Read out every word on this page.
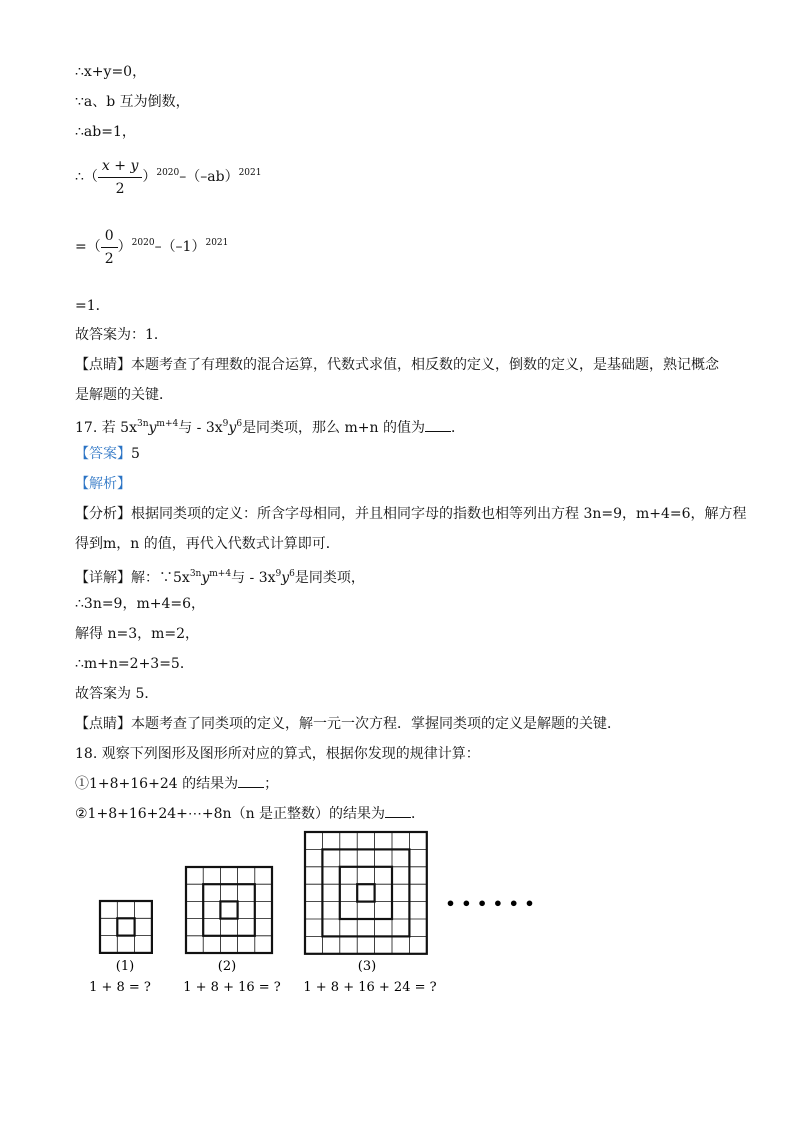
∴x+y=0，
∵a、b 互为倒数，
∴ab=1，
∴（ $\frac{x + y}{2} )^{2020}-(-ab)^{2021}$
=（ $\frac{0}{2} )^{2020}-(-1)^{2021}$
=1．
故答案为：1．
【点睛】本题考查了有理数的混合运算，代数式求值，相反数的定义，倒数的定义，是基础题，熟记概念
是解题的关键．
17. 若 $5x^{3n}y^{m+4}$与 - $3x^9y^6$是同类项，那么 m+n 的值为 ．
【答案】5
【解析】
【分析】根据同类项的定义：所含字母相同，并且相同字母的指数也相等列出方程 3n=9，m+4=6，解方程
得到m，n 的值，再代入代数式计算即可．
【详解】解：$\because 5x^{3n}y^{m+4}$与 - $3x^9y^6$是同类项，
∴3n=9，m+4=6，
解得 n=3，m=2，
∴m+n=2+3=5．
故答案为 5．
【点睛】本题考查了同类项的定义，解一元一次方程．掌握同类项的定义是解题的关键．
18. 观察下列图形及图形所对应的算式，根据你发现的规律计算：
①1+8+16+24 的结果为 ；
②1+8+16+24+⋯+8n（n 是正整数）的结果为 ．
(1)	(2)	(3)
1 + 8 = ? 1 + 8 + 16 = ? 1 + 8 + 16 + 24 = ?
• • • • • •
